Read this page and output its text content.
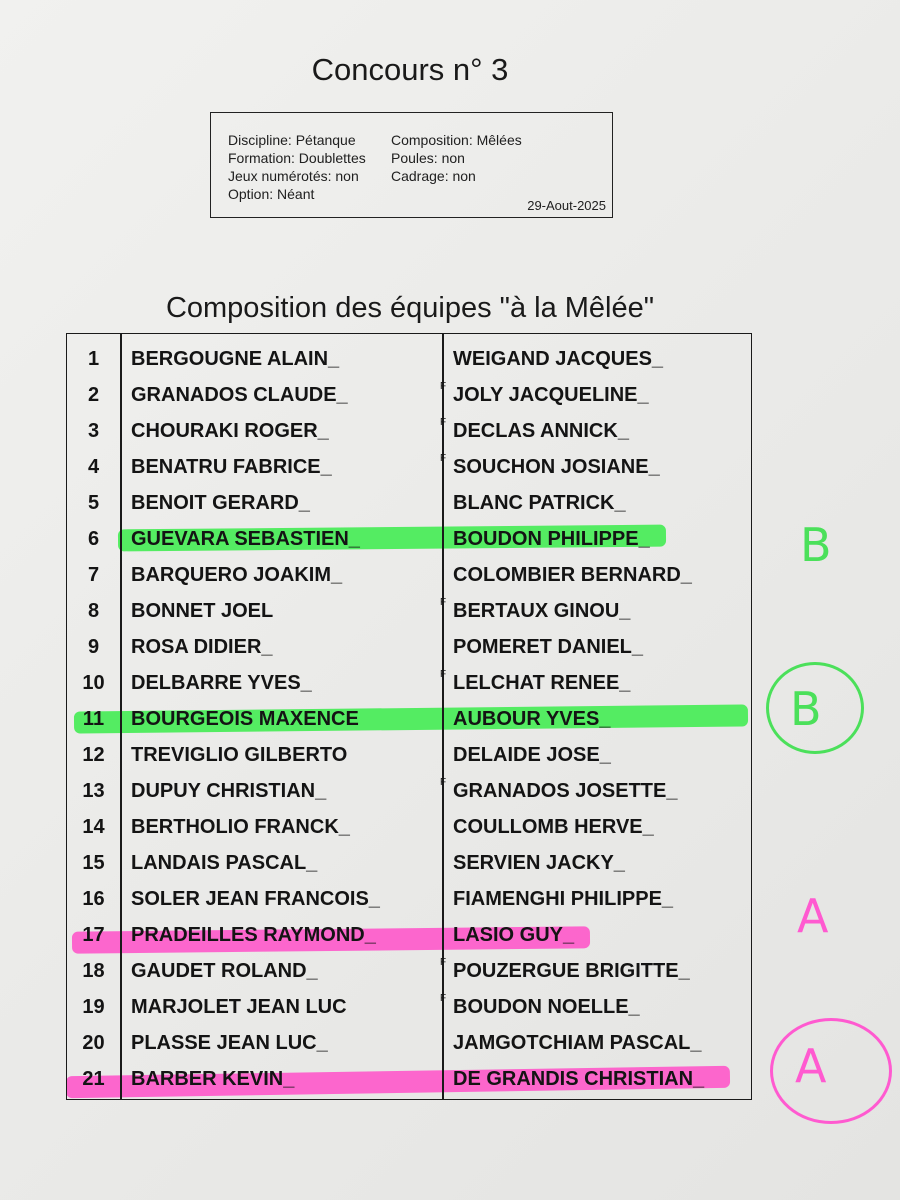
Concours n° 3
Discipline: Pétanque
Formation: Doublettes
Jeux numérotés: non
Option: Néant
Composition: Mêlées
Poules: non
Cadrage: non
29-Aout-2025
Composition des équipes "à la Mêlée"
1	BERGOUGNE ALAIN_	WEIGAND JACQUES_
2	GRANADOS CLAUDE_	F JOLY JACQUELINE_
3	CHOURAKI ROGER_	F DECLAS ANNICK_
4	BENATRU FABRICE_	F SOUCHON JOSIANE_
5	BENOIT GERARD_	BLANC PATRICK_
6	GUEVARA SEBASTIEN_	BOUDON PHILIPPE_
7	BARQUERO JOAKIM_	COLOMBIER BERNARD_
8	BONNET JOEL	F BERTAUX GINOU_
9	ROSA DIDIER_	POMERET DANIEL_
10	DELBARRE YVES_	F LELCHAT RENEE_
11	BOURGEOIS MAXENCE	AUBOUR YVES_
12	TREVIGLIO GILBERTO	DELAIDE JOSE_
13	DUPUY CHRISTIAN_	F GRANADOS JOSETTE_
14	BERTHOLIO FRANCK_	COULLOMB HERVE_
15	LANDAIS PASCAL_	SERVIEN JACKY_
16	SOLER JEAN FRANCOIS_	FIAMENGHI PHILIPPE_
17	PRADEILLES RAYMOND_	LASIO GUY_
18	GAUDET ROLAND_	F POUZERGUE BRIGITTE_
19	MARJOLET JEAN LUC	F BOUDON NOELLE_
20	PLASSE JEAN LUC_	JAMGOTCHIAM PASCAL_
21	BARBER KEVIN_	DE GRANDIS CHRISTIAN_
B
B
A
A
